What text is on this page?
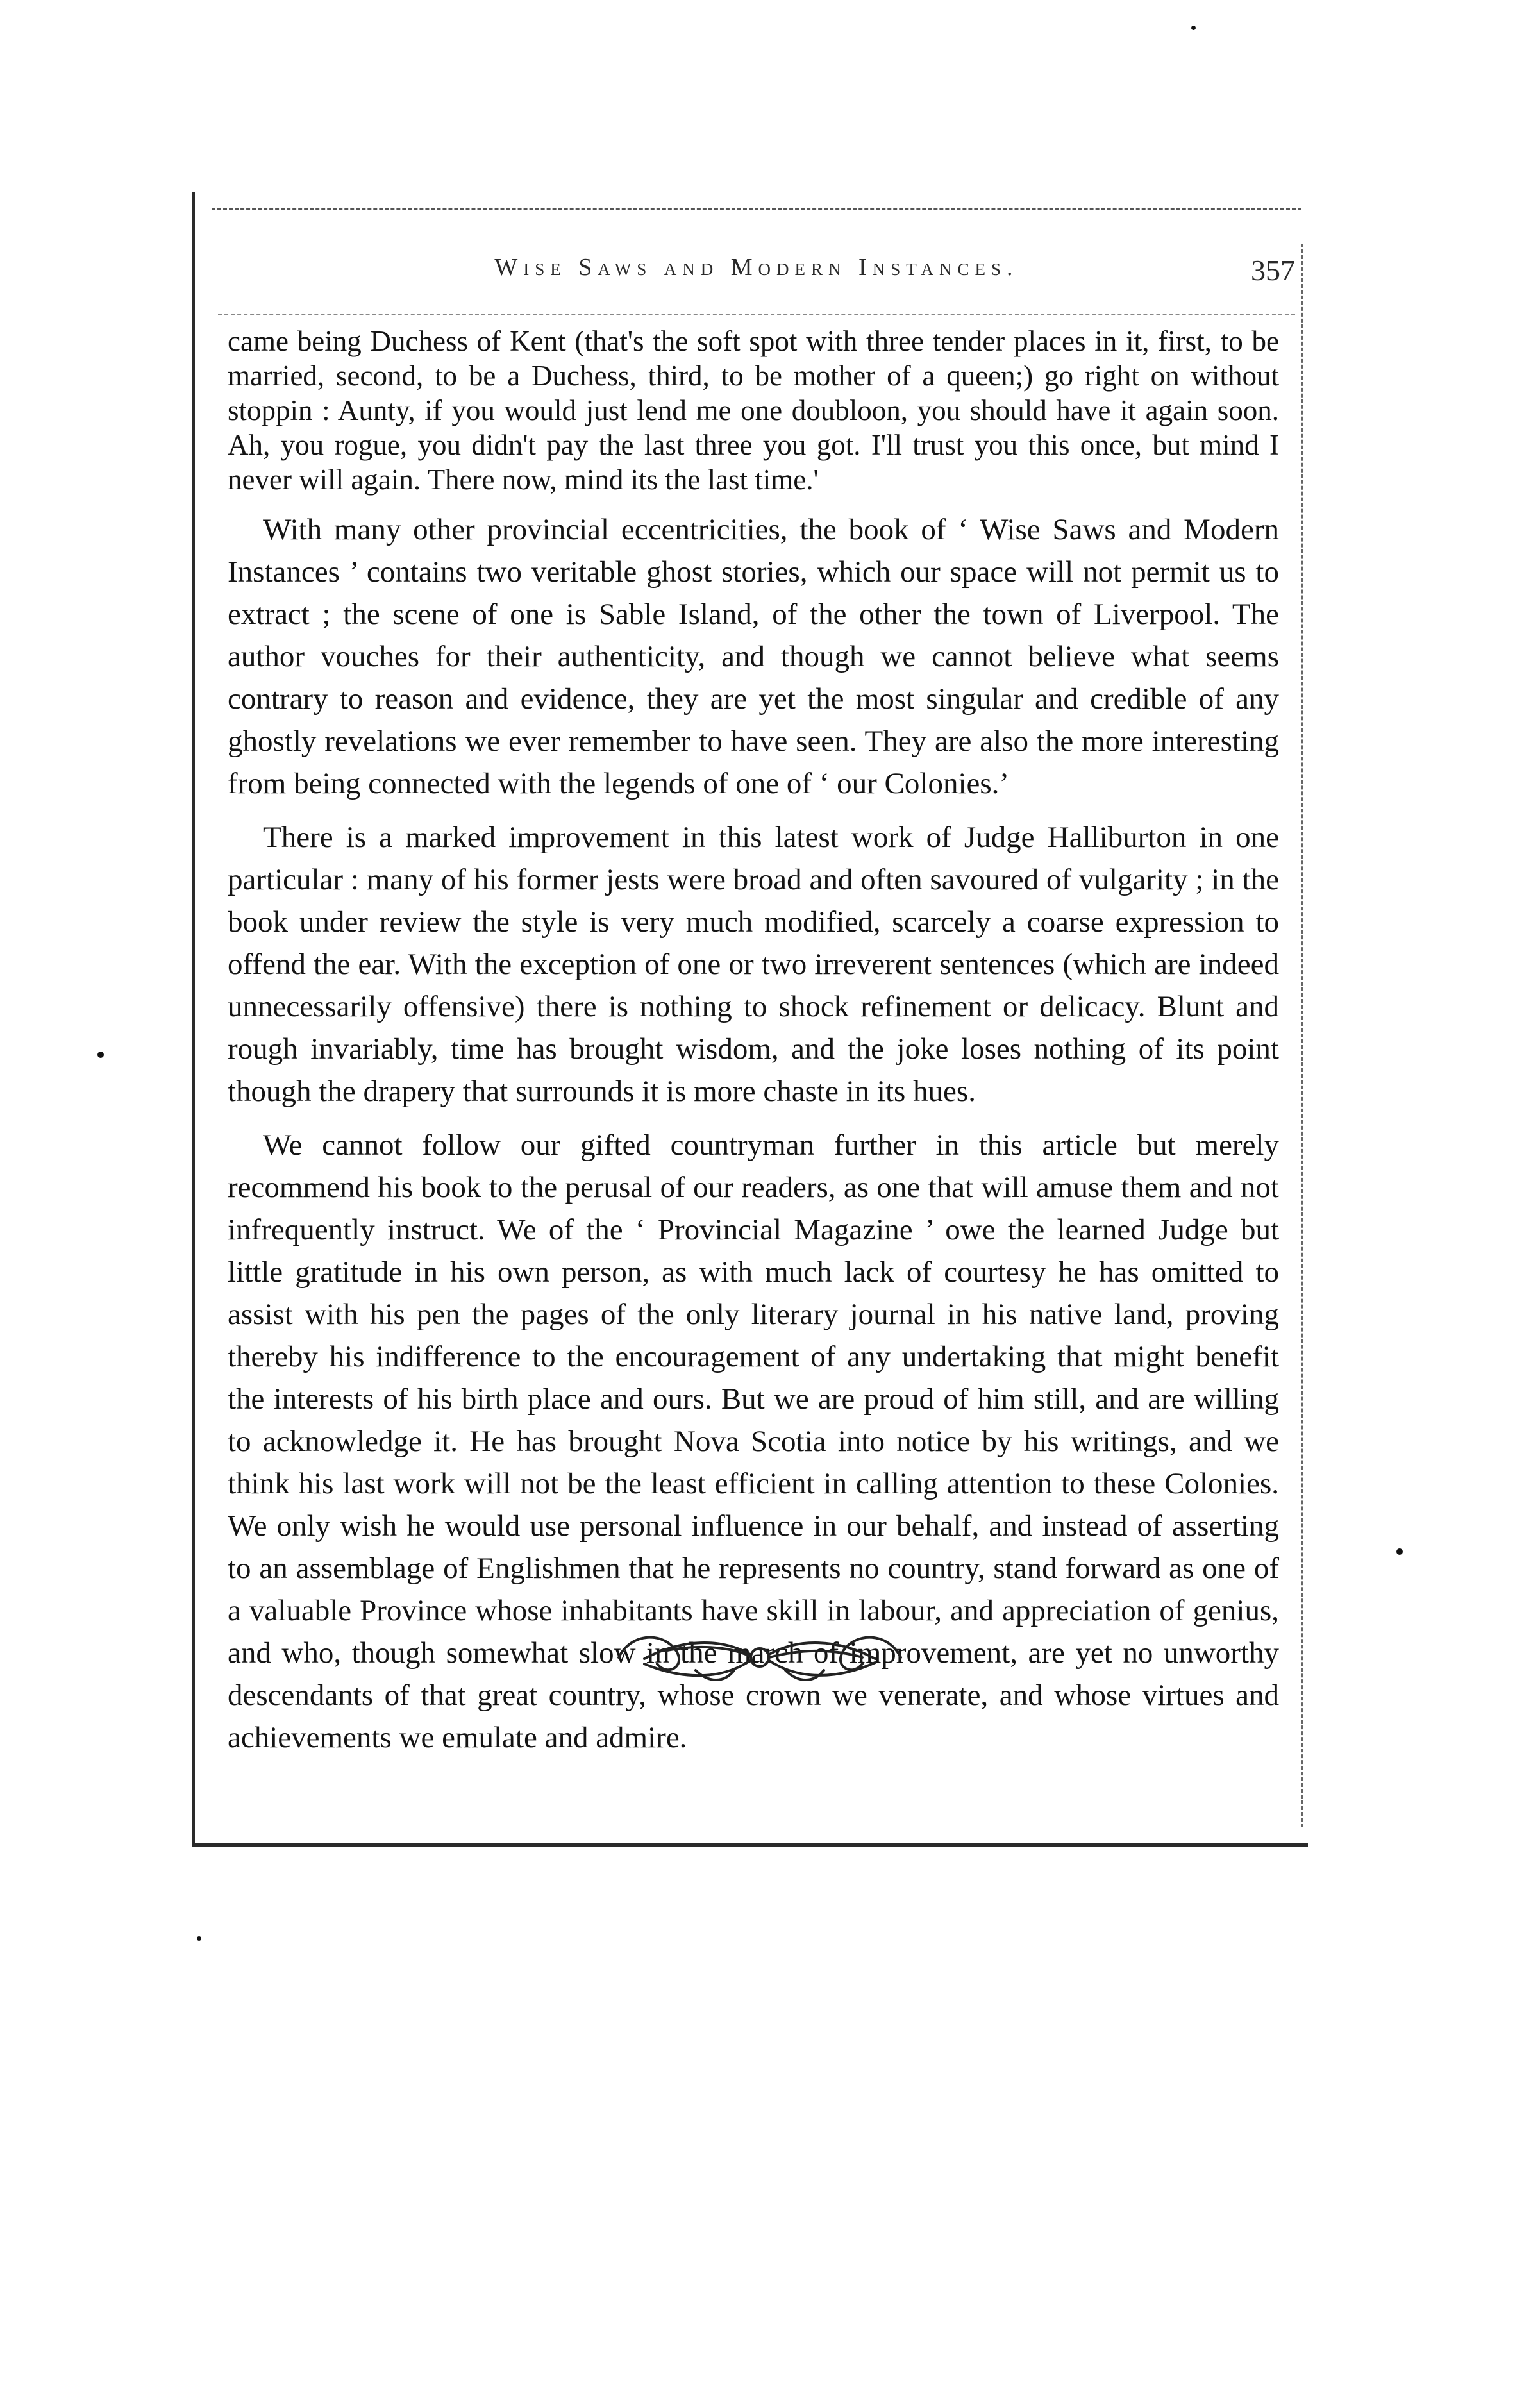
Wise Saws and Modern Instances.	357

came being Duchess of Kent (that's the soft spot with three tender places in it, first, to be married, second, to be a Duchess, third, to be mother of a queen;) go right on without stoppin : Aunty, if you would just lend me one doubloon, you should have it again soon. Ah, you rogue, you didn't pay the last three you got. I'll trust you this once, but mind I never will again. There now, mind its the last time.'

With many other provincial eccentricities, the book of ‘ Wise Saws and Modern Instances ’ contains two veritable ghost stories, which our space will not permit us to extract ; the scene of one is Sable Island, of the other the town of Liverpool. The author vouches for their authenticity, and though we cannot believe what seems contrary to reason and evidence, they are yet the most singular and credible of any ghostly revelations we ever remember to have seen. They are also the more interesting from being connected with the legends of one of ‘ our Colonies.’

There is a marked improvement in this latest work of Judge Halliburton in one particular : many of his former jests were broad and often savoured of vulgarity ; in the book under review the style is very much modified, scarcely a coarse expression to offend the ear. With the exception of one or two irreverent sentences (which are indeed unnecessarily offensive) there is nothing to shock refinement or delicacy. Blunt and rough invariably, time has brought wisdom, and the joke loses nothing of its point though the drapery that surrounds it is more chaste in its hues.

We cannot follow our gifted countryman further in this article but merely recommend his book to the perusal of our readers, as one that will amuse them and not infrequently instruct. We of the ‘ Provincial Magazine ’ owe the learned Judge but little gratitude in his own person, as with much lack of courtesy he has omitted to assist with his pen the pages of the only literary journal in his native land, proving thereby his indifference to the encouragement of any undertaking that might benefit the interests of his birth place and ours. But we are proud of him still, and are willing to acknowledge it. He has brought Nova Scotia into notice by his writings, and we think his last work will not be the least efficient in calling attention to these Colonies. We only wish he would use personal influence in our behalf, and instead of asserting to an assemblage of Englishmen that he represents no country, stand forward as one of a valuable Province whose inhabitants have skill in labour, and appreciation of genius, and who, though somewhat slow in the march of improvement, are yet no unworthy descendants of that great country, whose crown we venerate, and whose virtues and achievements we emulate and admire.
